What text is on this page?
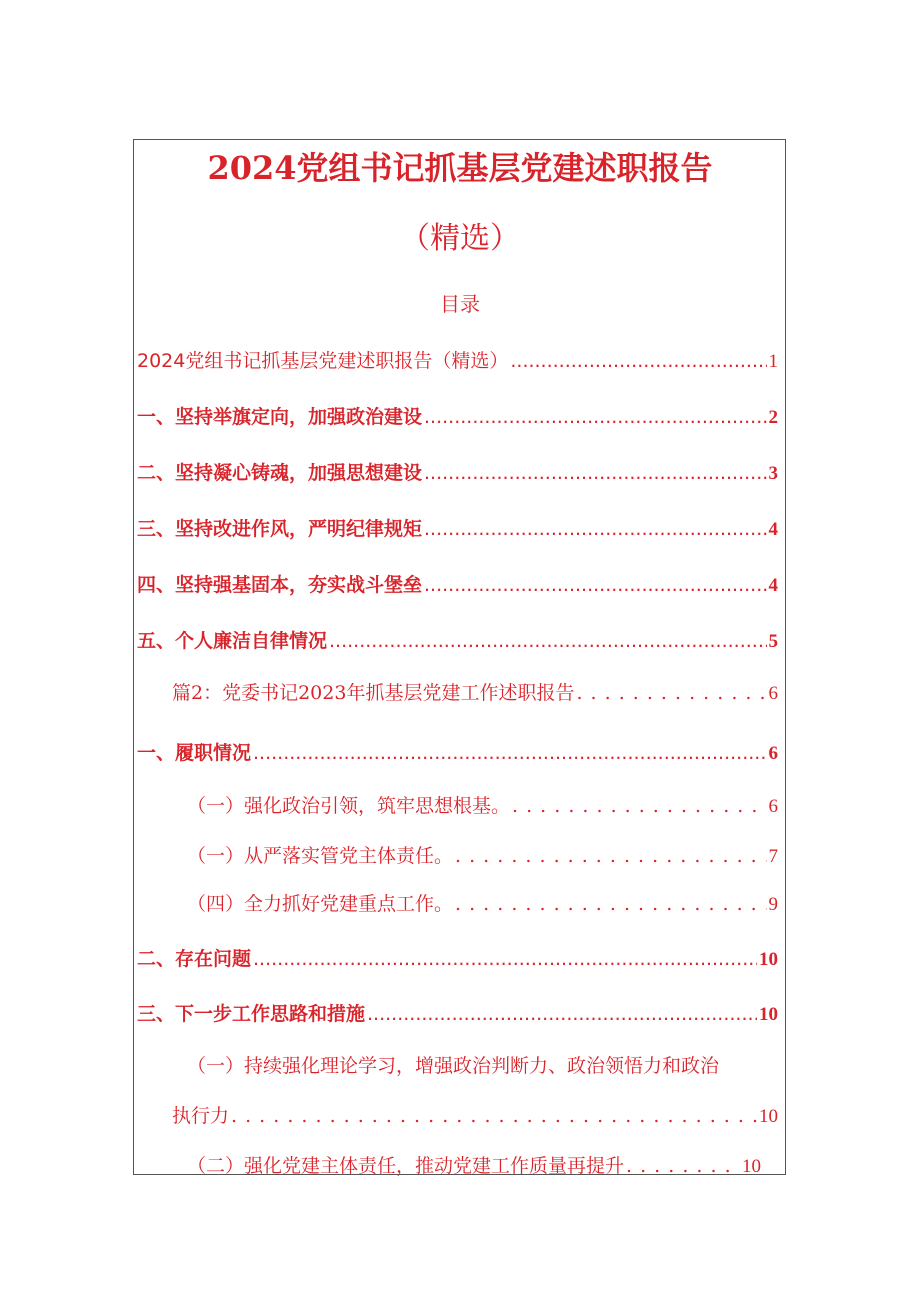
2024党组书记抓基层党建述职报告
（精选）
目录
2024党组书记抓基层党建述职报告（精选） .....	1
一、坚持举旗定向，加强政治建设 .....	2
二、坚持凝心铸魂，加强思想建设 .....	3
三、坚持改进作风，严明纪律规矩 .....	4
四、坚持强基固本，夯实战斗堡垒 .....	4
五、个人廉洁自律情况 .....	5
篇2：党委书记2023年抓基层党建工作述职报告 . . .	6
一、履职情况 .....	6
（一）强化政治引领，筑牢思想根基。 . . .	6
（一）从严落实管党主体责任。 . . .	7
（四）全力抓好党建重点工作。 . . .	9
二、存在问题 .....	10
三、下一步工作思路和措施 .....	10
（一）持续强化理论学习，增强政治判断力、政治领悟力和政治
执行力 . . .	10
（二）强化党建主体责任，推动党建工作质量再提升 . . .	10
